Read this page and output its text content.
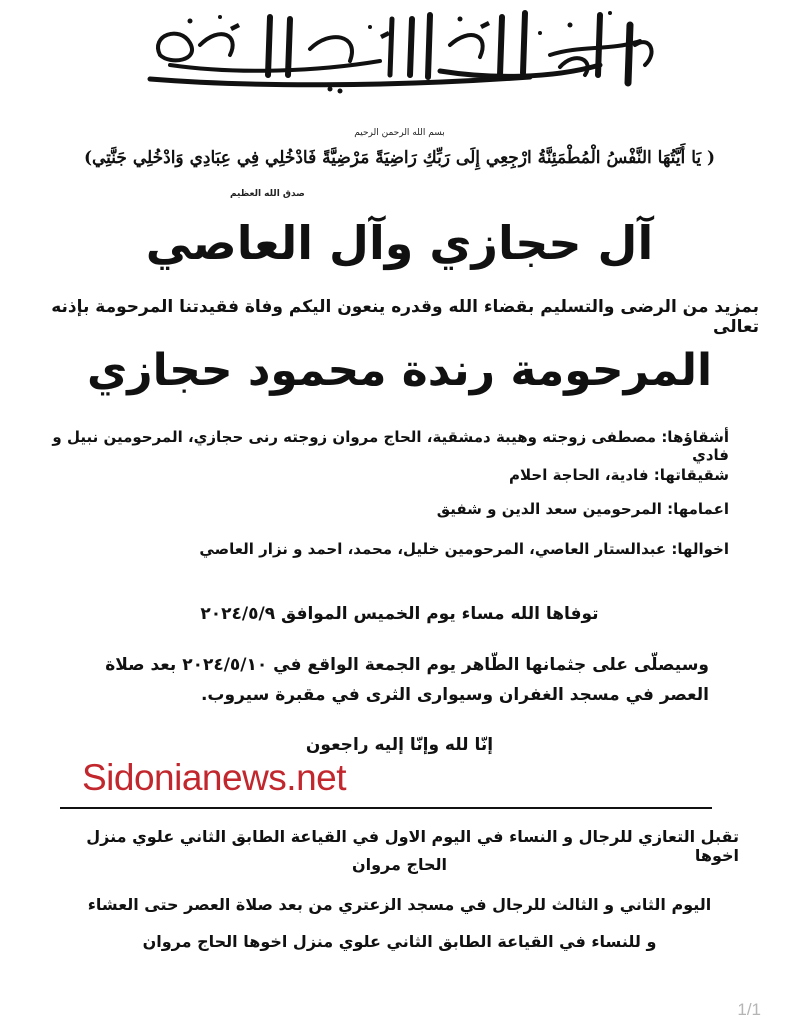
بسم الله الرحمن الرحيم
( يَا أَيَّتُهَا النَّفْسُ الْمُطْمَئِنَّةُ ارْجِعِي إِلَى رَبِّكِ رَاضِيَةً مَرْضِيَّةً فَادْخُلِي فِي عِبَادِي وَادْخُلِي جَنَّتِي)
صدق الله العظيم
آل حجازي وآل العاصي
بمزيد من الرضى والتسليم بقضاء الله وقدره ينعون اليكم وفاة فقيدتنا المرحومة بإذنه تعالى
المرحومة رندة محمود حجازي
أشقاؤها: مصطفى زوجته وهيبة دمشقية، الحاج مروان زوجته رنى حجازي، المرحومين نبيل و فادي
شقيقاتها: فادية، الحاجة احلام
اعمامها: المرحومين سعد الدين و شفيق
اخوالها: عبدالستار العاصي، المرحومين خليل، محمد، احمد و نزار العاصي
توفاها الله مساء يوم الخميس الموافق ٢٠٢٤/٥/٩
وسيصلّى على جثمانها الطّاهر يوم الجمعة الواقع في ٢٠٢٤/٥/١٠ بعد صلاة
العصر في مسجد الغفران وسيوارى الثرى في مقبرة سيروب.
إنّا لله وإنّا إليه راجعون
Sidonianews.net
تقبل التعازي للرجال و النساء في اليوم الاول في القياعة الطابق الثاني علوي منزل اخوها
الحاج مروان
اليوم الثاني و الثالث للرجال في مسجد الزعتري من بعد صلاة العصر حتى العشاء
و للنساء في القياعة الطابق الثاني علوي منزل اخوها الحاج مروان
1/1
